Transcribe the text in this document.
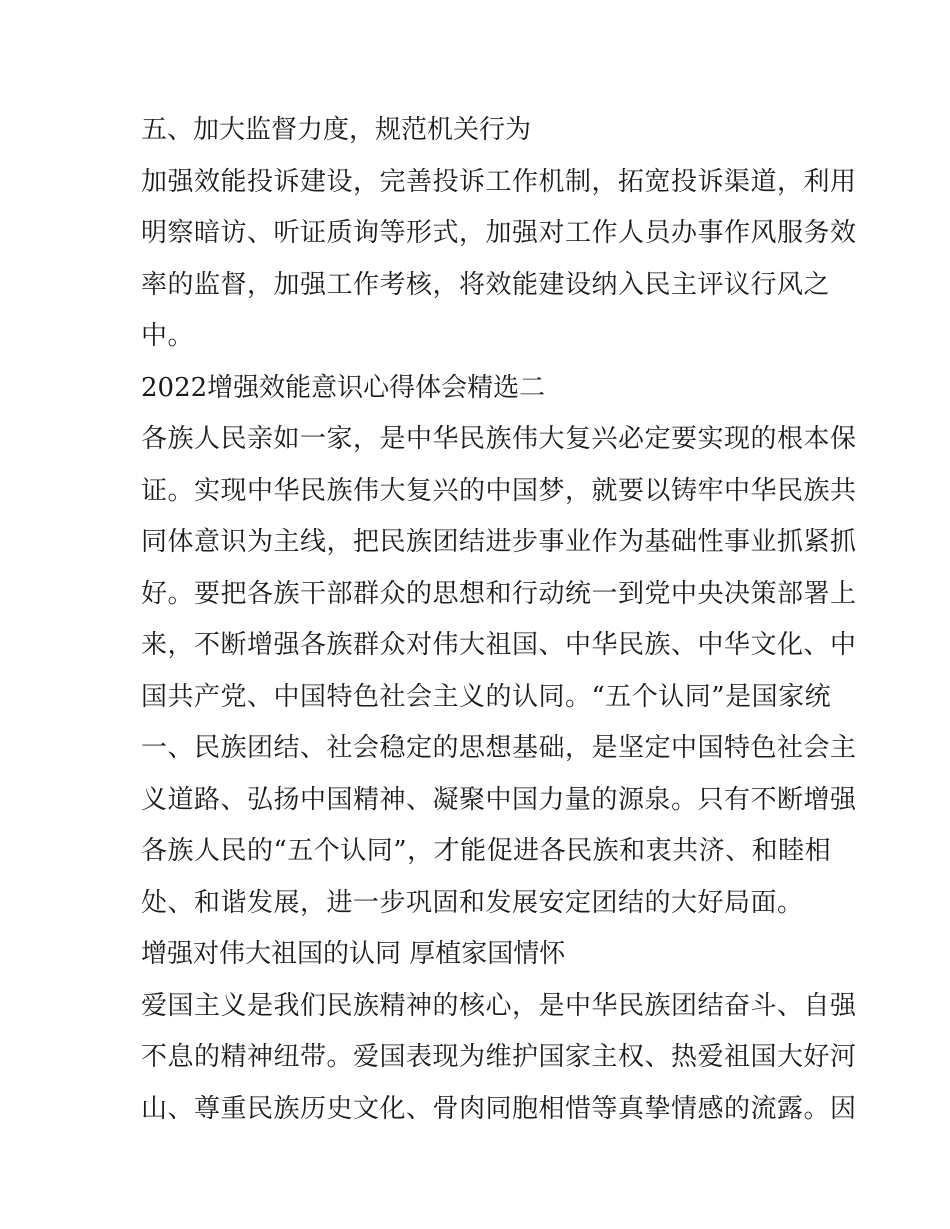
五、加大监督力度，规范机关行为
加强效能投诉建设，完善投诉工作机制，拓宽投诉渠道，利用
明察暗访、听证质询等形式，加强对工作人员办事作风服务效
率的监督，加强工作考核，将效能建设纳入民主评议行风之
中。
2022增强效能意识心得体会精选二
各族人民亲如一家，是中华民族伟大复兴必定要实现的根本保
证。实现中华民族伟大复兴的中国梦，就要以铸牢中华民族共
同体意识为主线，把民族团结进步事业作为基础性事业抓紧抓
好。要把各族干部群众的思想和行动统一到党中央决策部署上
来，不断增强各族群众对伟大祖国、中华民族、中华文化、中
国共产党、中国特色社会主义的认同。“五个认同”是国家统
一、民族团结、社会稳定的思想基础，是坚定中国特色社会主
义道路、弘扬中国精神、凝聚中国力量的源泉。只有不断增强
各族人民的“五个认同”，才能促进各民族和衷共济、和睦相
处、和谐发展，进一步巩固和发展安定团结的大好局面。
增强对伟大祖国的认同 厚植家国情怀
爱国主义是我们民族精神的核心，是中华民族团结奋斗、自强
不息的精神纽带。爱国表现为维护国家主权、热爱祖国大好河
山、尊重民族历史文化、骨肉同胞相惜等真挚情感的流露。因
